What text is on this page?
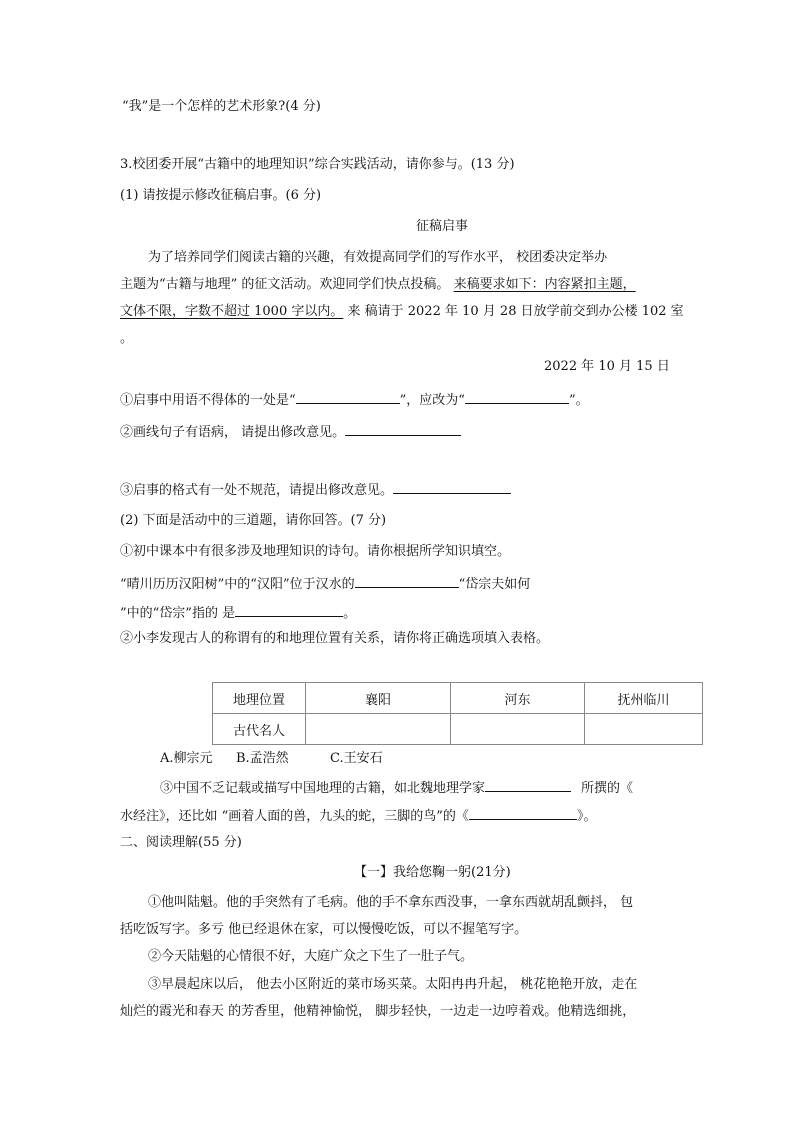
“我”是一个怎样的艺术形象?(4 分)
3.校团委开展“古籍中的地理知识”综合实践活动，请你参与。(13 分)
(1) 请按提示修改征稿启事。(6 分)
征稿启事
为了培养同学们阅读古籍的兴趣，有效提高同学们的写作水平， 校团委决定举办
主题为“古籍与地理” 的征文活动。欢迎同学们快点投稿。 来稿要求如下：内容紧扣主题，
文体不限，字数不超过 1000 字以内。 来 稿请于 2022 年 10 月 28 日放学前交到办公楼 102 室
。
2022 年 10 月 15 日
①启事中用语不得体的一处是“	”，应改为“	”。
②画线句子有语病， 请提出修改意见。
③启事的格式有一处不规范，请提出修改意见。
(2) 下面是活动中的三道题，请你回答。(7 分)
①初中课本中有很多涉及地理知识的诗句。请你根据所学知识填空。
“晴川历历汉阳树”中的“汉阳”位于汉水的	“岱宗夫如何
”中的“岱宗”指的 是	。
②小李发现古人的称谓有的和地理位置有关系，请你将正确选项填入表格。
地理位置	襄阳	河东	抚州临川
古代名人			
A.柳宗元 B.孟浩然	C.王安石
③中国不乏记载或描写中国地理的古籍，如北魏地理学家	所撰的《
水经注》，还比如 “画着人面的兽，九头的蛇，三脚的鸟”的《	》。
二、阅读理解(55 分)
【一】我给您鞠一躬(21分)
①他叫陆魁。他的手突然有了毛病。他的手不拿东西没事，一拿东西就胡乱颤抖， 包
括吃饭写字。多亏 他已经退休在家，可以慢慢吃饭，可以不握笔写字。
②今天陆魁的心情很不好，大庭广众之下生了一肚子气。
③早晨起床以后， 他去小区附近的菜市场买菜。太阳冉冉升起， 桃花艳艳开放，走在
灿烂的霞光和春天 的芳香里，他精神愉悦， 脚步轻快，一边走一边哼着戏。他精选细挑，
